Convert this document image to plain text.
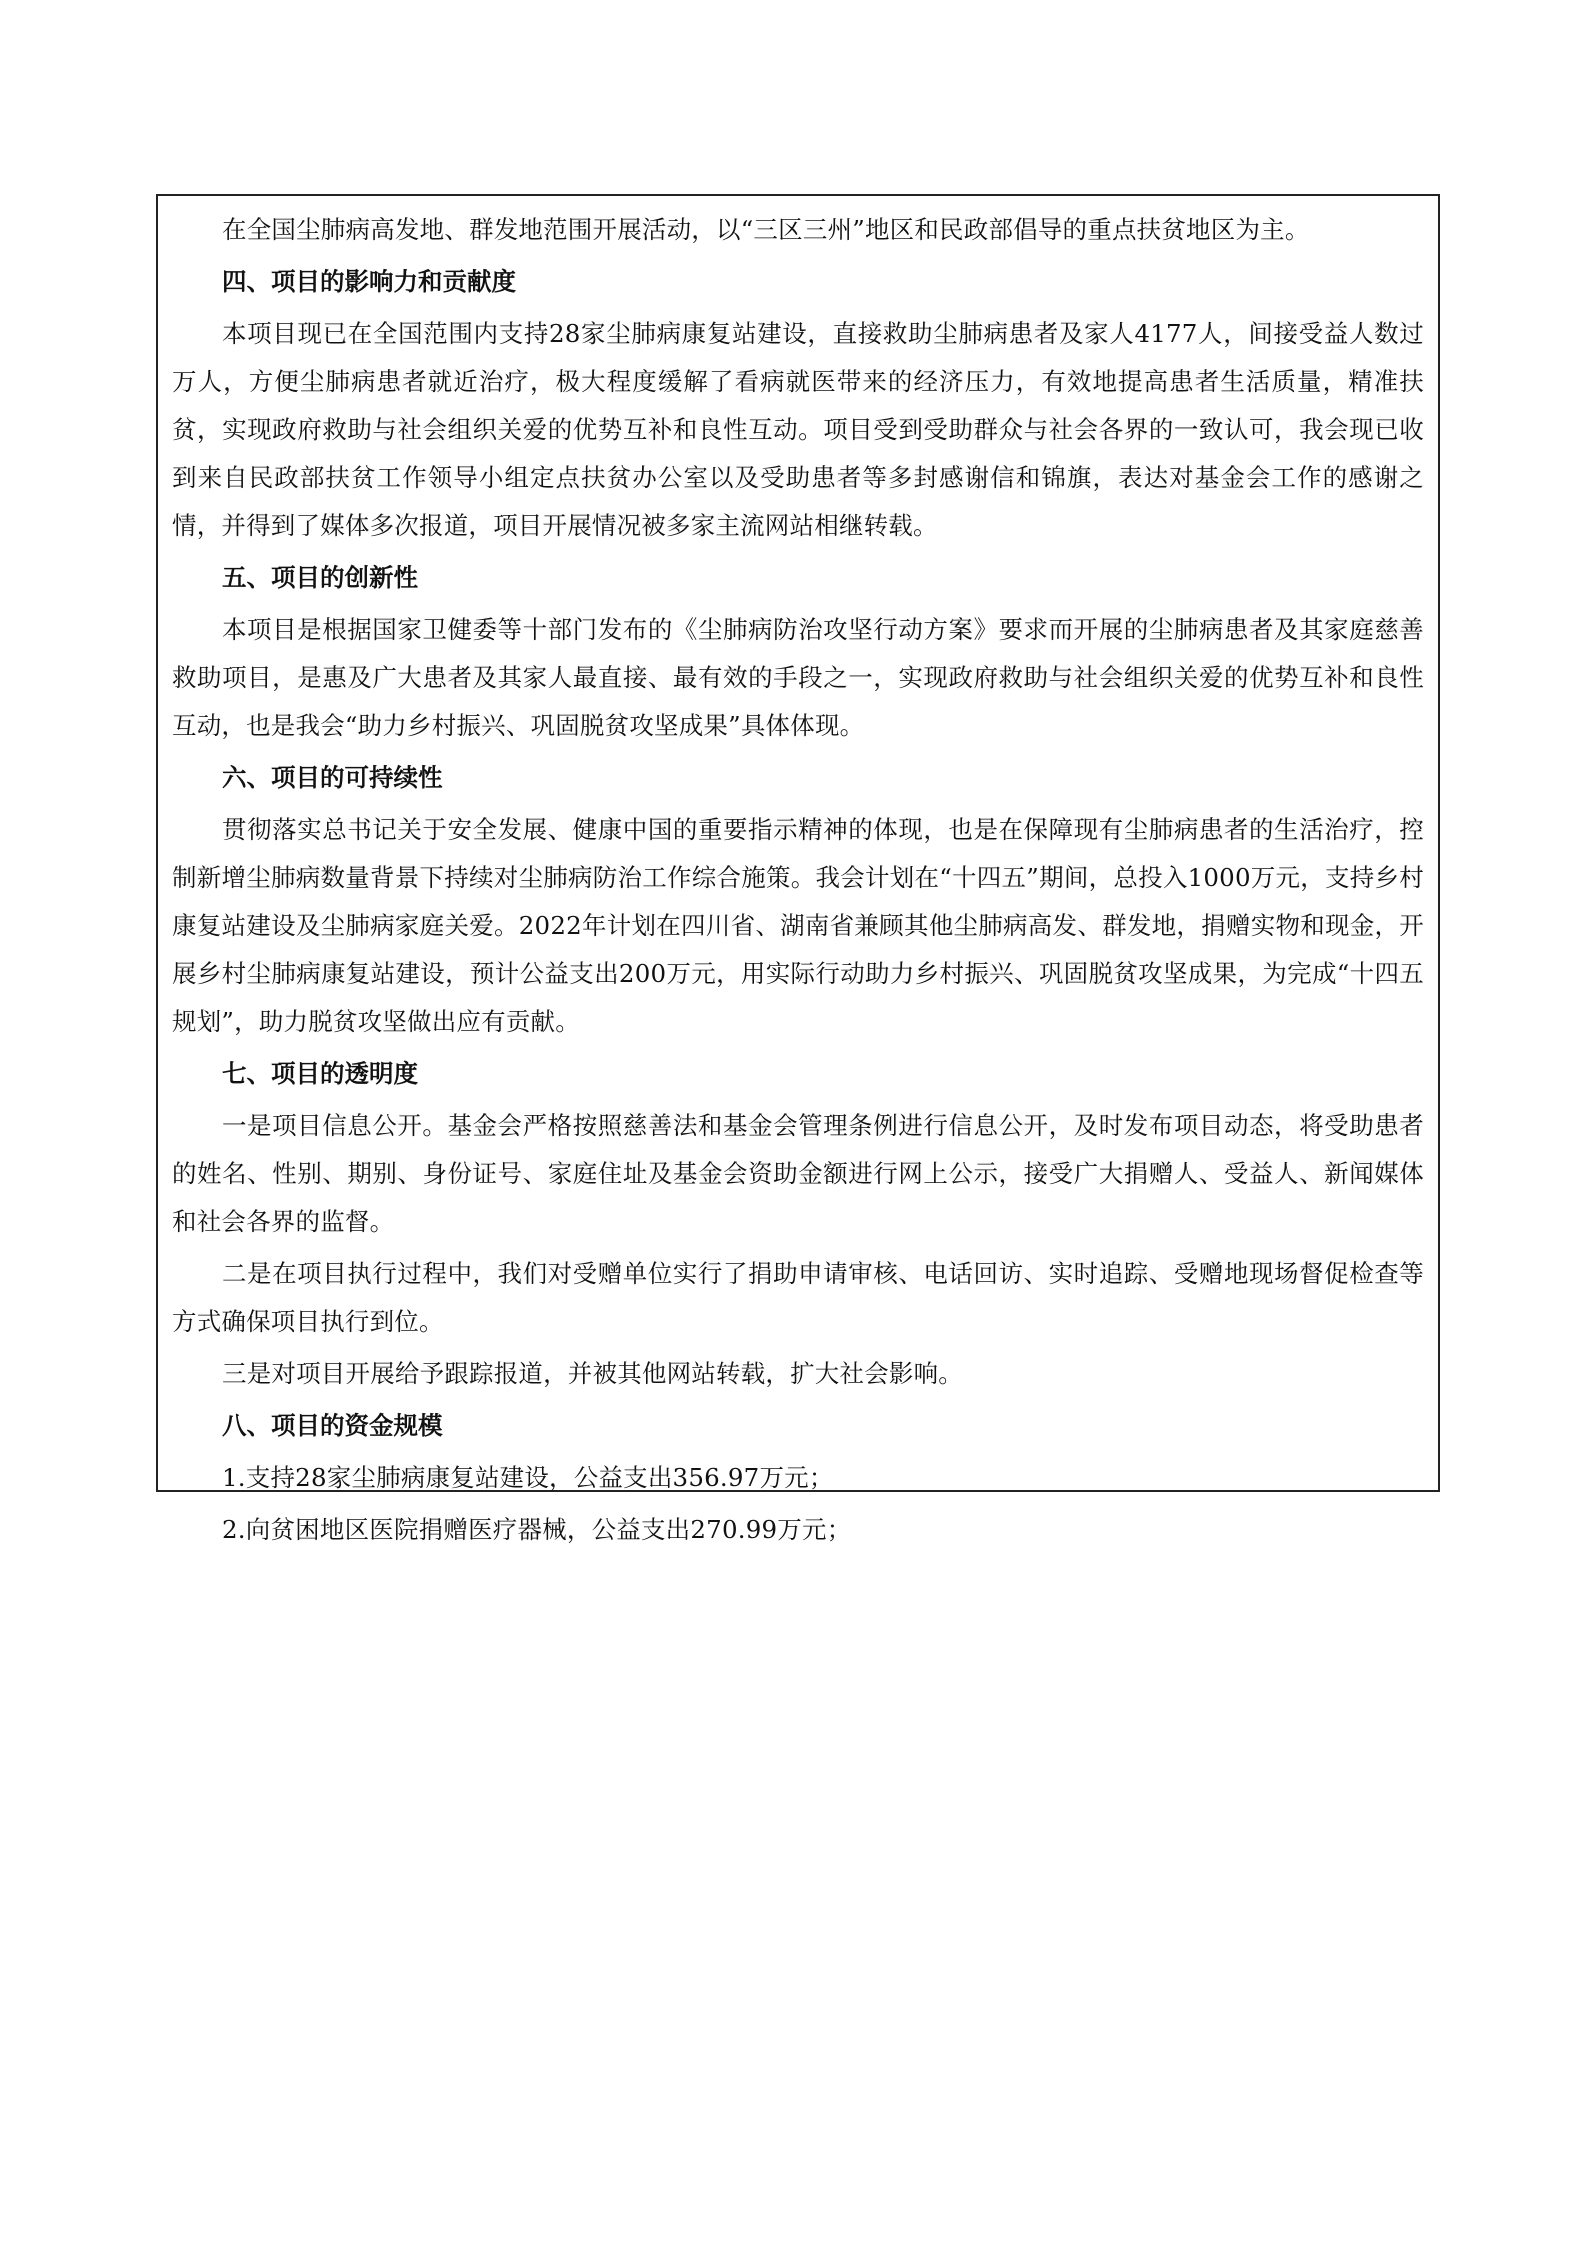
在全国尘肺病高发地、群发地范围开展活动，以“三区三州”地区和民政部倡导的重点扶贫地区为主。

四、项目的影响力和贡献度

本项目现已在全国范围内支持28家尘肺病康复站建设，直接救助尘肺病患者及家人4177人，间接受益人数过万人，方便尘肺病患者就近治疗，极大程度缓解了看病就医带来的经济压力，有效地提高患者生活质量，精准扶贫，实现政府救助与社会组织关爱的优势互补和良性互动。项目受到受助群众与社会各界的一致认可，我会现已收到来自民政部扶贫工作领导小组定点扶贫办公室以及受助患者等多封感谢信和锦旗，表达对基金会工作的感谢之情，并得到了媒体多次报道，项目开展情况被多家主流网站相继转载。

五、项目的创新性

本项目是根据国家卫健委等十部门发布的《尘肺病防治攻坚行动方案》要求而开展的尘肺病患者及其家庭慈善救助项目，是惠及广大患者及其家人最直接、最有效的手段之一，实现政府救助与社会组织关爱的优势互补和良性互动，也是我会“助力乡村振兴、巩固脱贫攻坚成果”具体体现。

六、项目的可持续性

贯彻落实总书记关于安全发展、健康中国的重要指示精神的体现，也是在保障现有尘肺病患者的生活治疗，控制新增尘肺病数量背景下持续对尘肺病防治工作综合施策。我会计划在“十四五”期间，总投入1000万元，支持乡村康复站建设及尘肺病家庭关爱。2022年计划在四川省、湖南省兼顾其他尘肺病高发、群发地，捐赠实物和现金，开展乡村尘肺病康复站建设，预计公益支出200万元，用实际行动助力乡村振兴、巩固脱贫攻坚成果，为完成“十四五规划”，助力脱贫攻坚做出应有贡献。

七、项目的透明度

一是项目信息公开。基金会严格按照慈善法和基金会管理条例进行信息公开，及时发布项目动态，将受助患者的姓名、性别、期别、身份证号、家庭住址及基金会资助金额进行网上公示，接受广大捐赠人、受益人、新闻媒体和社会各界的监督。

二是在项目执行过程中，我们对受赠单位实行了捐助申请审核、电话回访、实时追踪、受赠地现场督促检查等方式确保项目执行到位。

三是对项目开展给予跟踪报道，并被其他网站转载，扩大社会影响。

八、项目的资金规模

1.支持28家尘肺病康复站建设，公益支出356.97万元；

2.向贫困地区医院捐赠医疗器械，公益支出270.99万元；
